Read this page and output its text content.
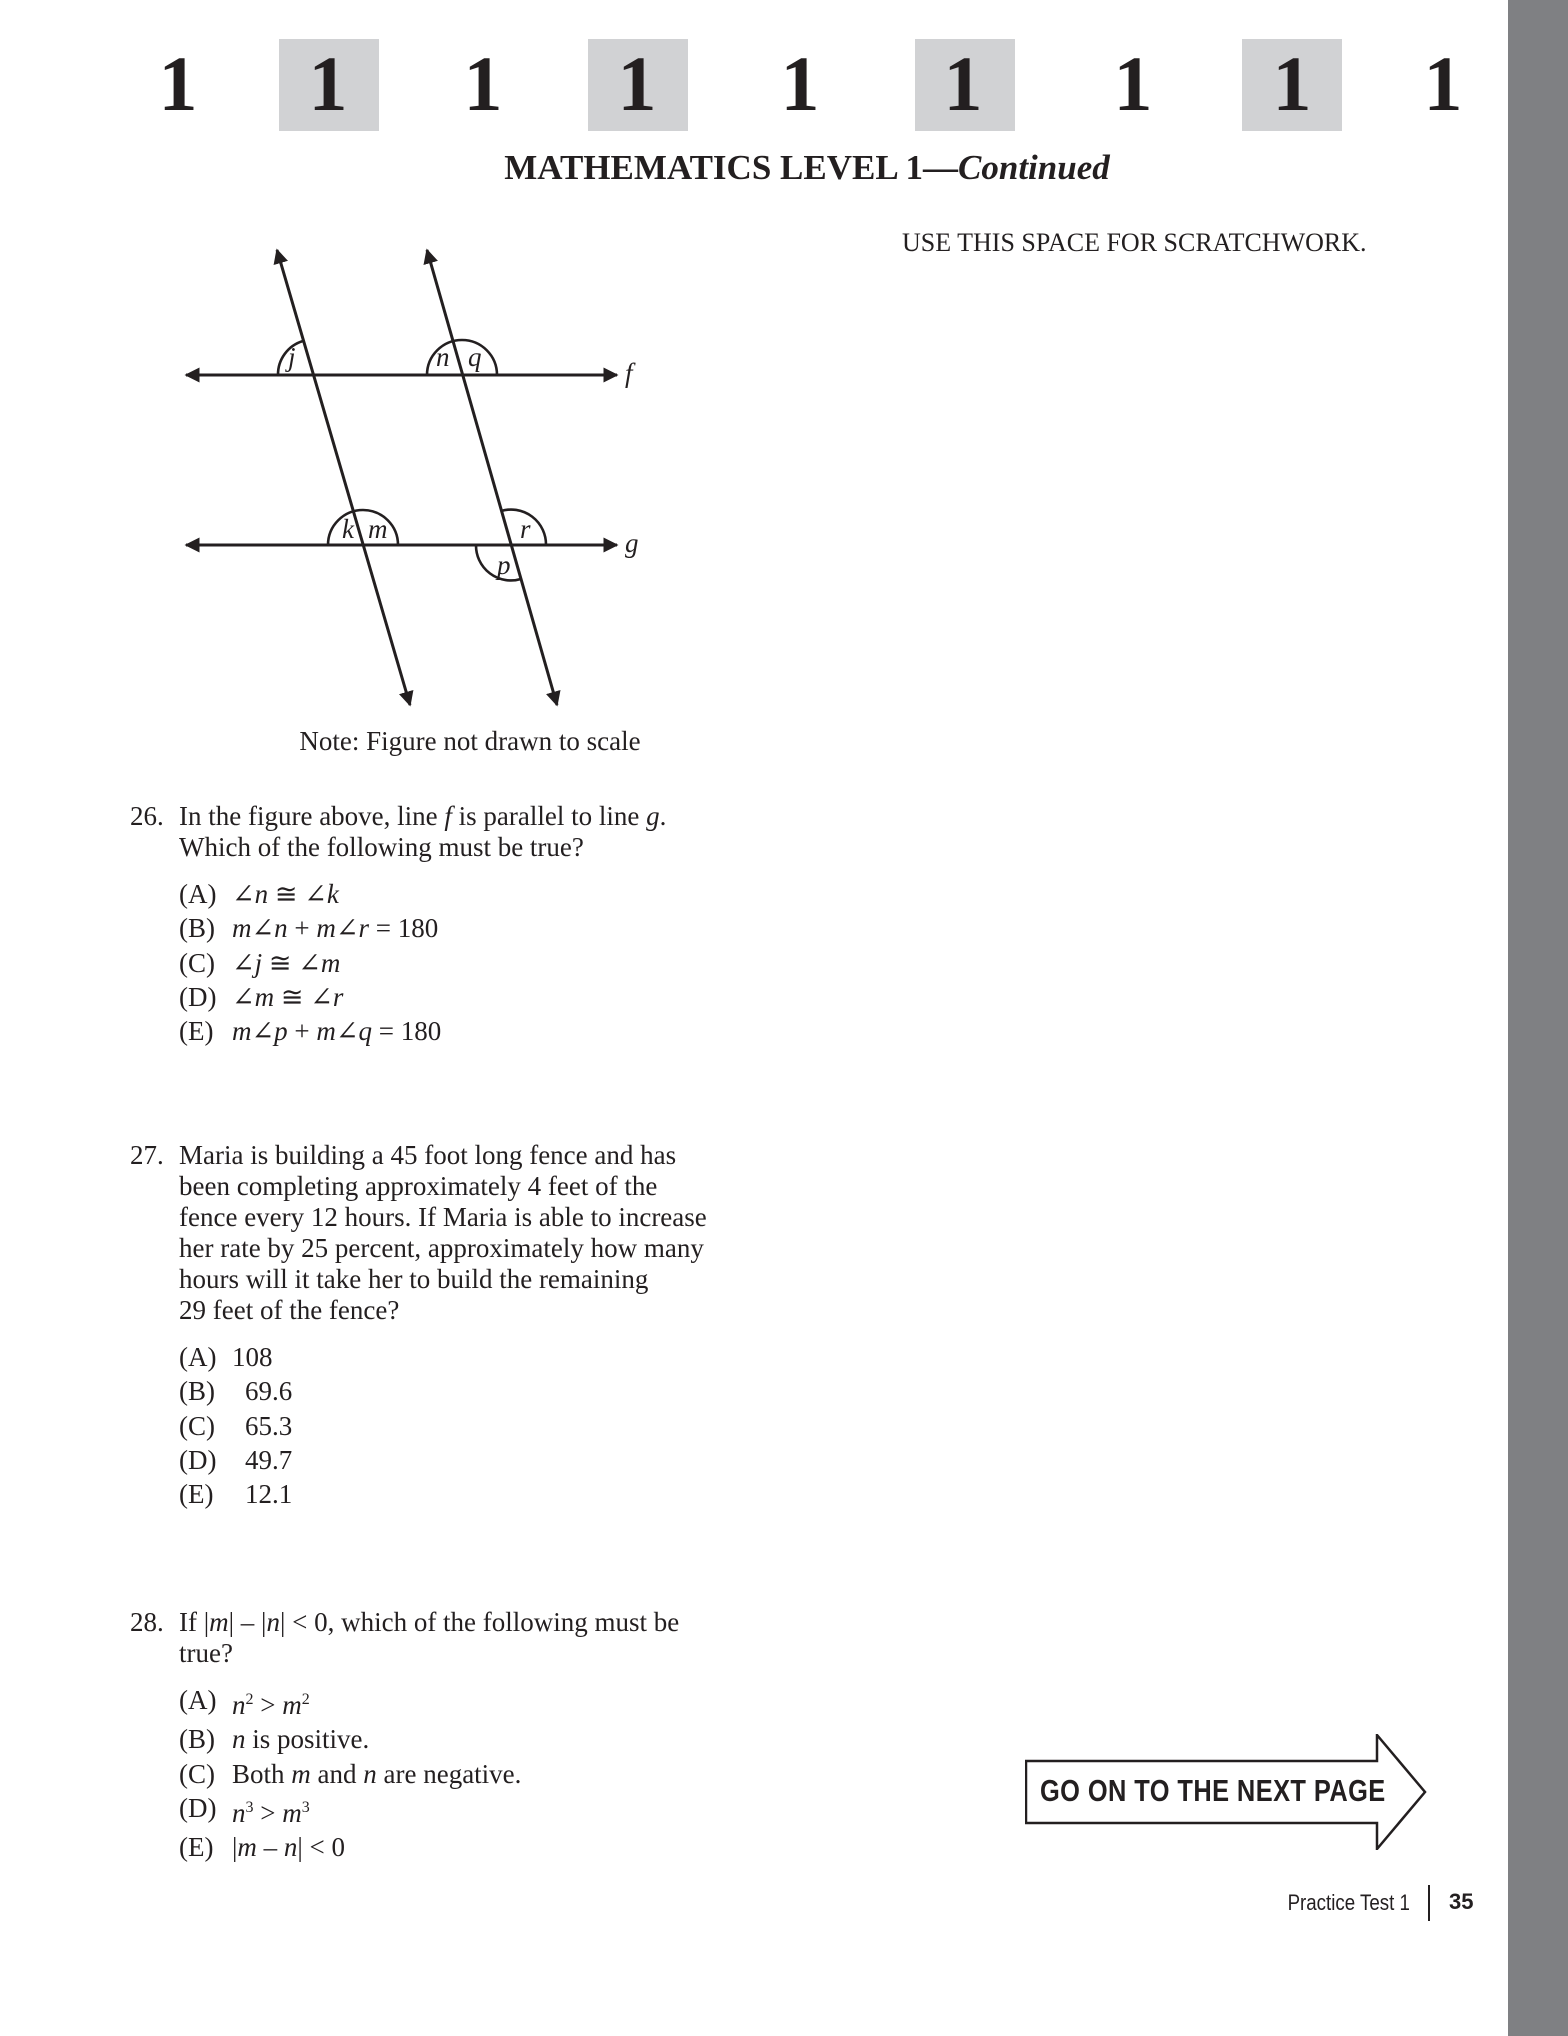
1 1 1 1 1 1 1 1 1
MATHEMATICS LEVEL 1—Continued
USE THIS SPACE FOR SCRATCHWORK.
j	n q
k m	r
p
f
g
Note: Figure not drawn to scale
26. In the figure above, line f is parallel to line g.
Which of the following must be true?
(A) ∠n ≅ ∠k
(B) m∠n + m∠r = 180
(C) ∠j ≅ ∠m
(D) ∠m ≅ ∠r
(E) m∠p + m∠q = 180
27. Maria is building a 45 foot long fence and has
been completing approximately 4 feet of the
fence every 12 hours. If Maria is able to increase
her rate by 25 percent, approximately how many
hours will it take her to build the remaining
29 feet of the fence?
(A) 108
(B)	69.6
(C)	65.3
(D)	49.7
(E)	12.1
28. If |m| – |n| < 0, which of the following must be
true?
(A) $n^2 > m^2$
(B) n is positive.
(C) Both m and n are negative.
(D) $n^3 > m^3$
(E) |m – n| < 0
GO ON TO THE NEXT PAGE
Practice Test 1 35
